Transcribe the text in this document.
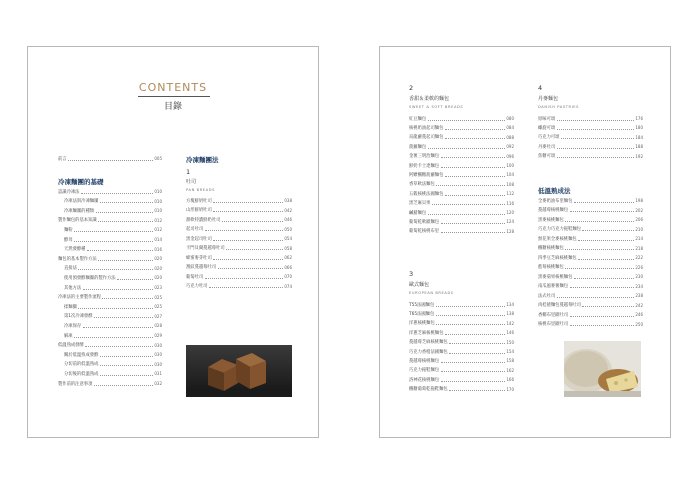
CONTENTS
目錄
前言	005
冷凍麵團的基礎
認識冷凍法	010
冷凍法與冷凍麵團	010
冷凍麵團的種類	010
製作麵包的基本知識	012
麵粉	012
酵母	014
天然發酵種	016
麵包的基本製作方法	020
直接法	020
使用預發酵麵團的製作方法	020
其他方法	023
冷凍法的主要製作流程	025
揉麵團	025
第1次冷凍發酵	027
冷凍保存	028
解凍	029
低溫熟成發酵	030
關於低溫熟成發酵	030
分切前的低溫熟成	030
分切後的低溫熟成	031
製作前的注意事項	032
冷凍麵團法
1
吐司
PAN BREADS
方塊鮮奶吐司	038
山形鮮奶吐司	042
甜軟特濃鮮奶吐司	046
起司吐司	050
黑金起司吐司	054
卡門貝爾蔓越莓吐司	058
蜂蜜麥芽吐司	062
割紋蔓越莓吐司	066
葡萄吐司	070
巧克力吐司	074
2
香甜＆柔軟的麵包
SWEET & SOFT BREADS
紅豆麵包	080
核桃奶油起司麵包	084
烏龍蘿蔓起司麵包	088
菠蘿麵包	092
金薯三明治麵包	096
鮮奶卡士達麵包	100
阿嬤楓糖菠蘿麵包	104
香草軟法麵包	108
五穀核桃法國麵包	112
黑芝麻貝果	116
鹹豬麵包	120
葡萄乾軟歐麵包	124
葡萄乾核桃布里	128
3
歐式麵包
EUROPEAN BREADS
T55法國麵包	134
T65法國麵包	138
洋蔥核桃麵包	142
洋蔥芝麻核桃麵包	146
蔓越莓芝麻核桃麵包	150
巧克力香橙法國麵包	154
蔓越莓核桃麵包	158
巧克力拖鞋麵包	162
洛神花核桃麵包	166
楓糖葡萄乾拖鞋麵包	170
4
丹麥麵包
DANISH PASTRIES
原味可頌	176
螺旋可頌	180
巧克力可頌	184
丹麥吐司	188
焦糖可頌	192
低溫熟成法
全麥奶油布里麵包	198
蔓越莓核桃麵包	202
黑麥核桃麵包	206
巧克力巧克力拖鞋麵包	210
無花果全麥核桃麵包	214
楓糖核桃麵包	218
四季豆芝麻核桃麵包	222
藍莓核桃麵包	226
黑麥菊果核桃麵包	230
南瓜風麥薯麵包	234
法式吐司	238
肉桂捲麵包蔓越莓吐司	242
香椰布里歐吐司	246
核桃布里歐吐司	250
